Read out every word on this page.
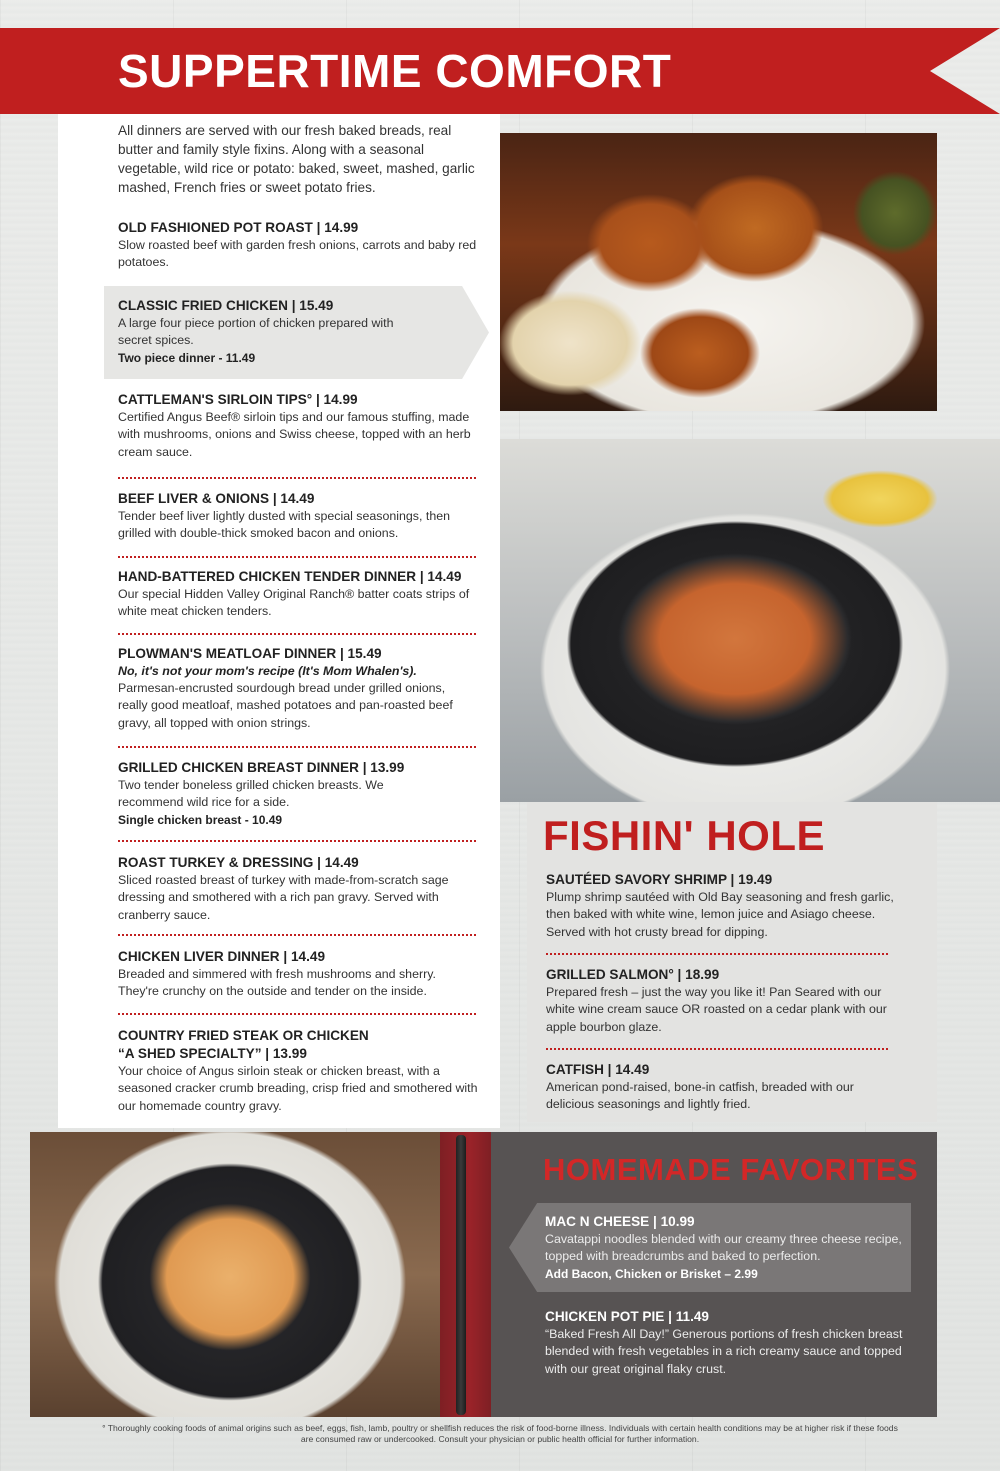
SUPPERTIME COMFORT
All dinners are served with our fresh baked breads, real butter and family style fixins. Along with a seasonal vegetable, wild rice or potato: baked, sweet, mashed, garlic mashed, French fries or sweet potato fries.
OLD FASHIONED POT ROAST | 14.99
Slow roasted beef with garden fresh onions, carrots and baby red potatoes.
CLASSIC FRIED CHICKEN | 15.49
A large four piece portion of chicken prepared with secret spices.
Two piece dinner - 11.49
CATTLEMAN'S SIRLOIN TIPS° | 14.99
Certified Angus Beef® sirloin tips and our famous stuffing, made with mushrooms, onions and Swiss cheese, topped with an herb cream sauce.
BEEF LIVER & ONIONS | 14.49
Tender beef liver lightly dusted with special seasonings, then grilled with double-thick smoked bacon and onions.
HAND-BATTERED CHICKEN TENDER DINNER | 14.49
Our special Hidden Valley Original Ranch® batter coats strips of white meat chicken tenders.
PLOWMAN'S MEATLOAF DINNER | 15.49
No, it's not your mom's recipe (It's Mom Whalen's).
Parmesan-encrusted sourdough bread under grilled onions, really good meatloaf, mashed potatoes and pan-roasted beef gravy, all topped with onion strings.
GRILLED CHICKEN BREAST DINNER | 13.99
Two tender boneless grilled chicken breasts. We recommend wild rice for a side.
Single chicken breast - 10.49
ROAST TURKEY & DRESSING | 14.49
Sliced roasted breast of turkey with made-from-scratch sage dressing and smothered with a rich pan gravy. Served with cranberry sauce.
CHICKEN LIVER DINNER | 14.49
Breaded and simmered with fresh mushrooms and sherry. They're crunchy on the outside and tender on the inside.
COUNTRY FRIED STEAK OR CHICKEN
“A SHED SPECIALTY” | 13.99
Your choice of Angus sirloin steak or chicken breast, with a seasoned cracker crumb breading, crisp fried and smothered with our homemade country gravy.
FISHIN' HOLE
SAUTÉED SAVORY SHRIMP | 19.49
Plump shrimp sautéed with Old Bay seasoning and fresh garlic, then baked with white wine, lemon juice and Asiago cheese. Served with hot crusty bread for dipping.
GRILLED SALMON° | 18.99
Prepared fresh – just the way you like it! Pan Seared with our white wine cream sauce OR roasted on a cedar plank with our apple bourbon glaze.
CATFISH | 14.49
American pond-raised, bone-in catfish, breaded with our delicious seasonings and lightly fried.
HOMEMADE FAVORITES
MAC N CHEESE | 10.99
Cavatappi noodles blended with our creamy three cheese recipe, topped with breadcrumbs and baked to perfection.
Add Bacon, Chicken or Brisket – 2.99
CHICKEN POT PIE | 11.49
“Baked Fresh All Day!” Generous portions of fresh chicken breast blended with fresh vegetables in a rich creamy sauce and topped with our great original flaky crust.
° Thoroughly cooking foods of animal origins such as beef, eggs, fish, lamb, poultry or shellfish reduces the risk of food-borne illness. Individuals with certain health conditions may be at higher risk if these foods are consumed raw or undercooked. Consult your physician or public health official for further information.
